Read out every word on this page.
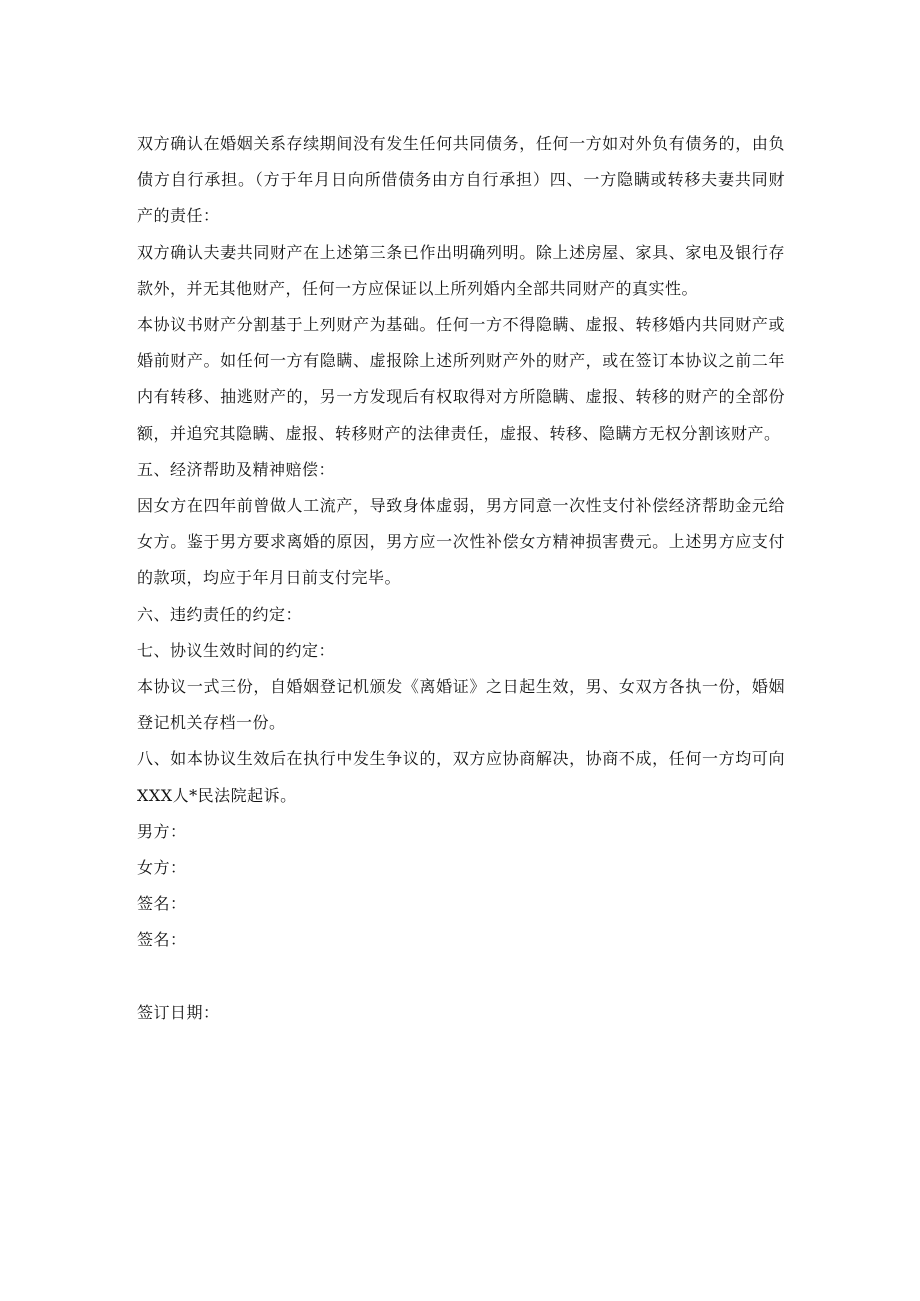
双方确认在婚姻关系存续期间没有发生任何共同债务，任何一方如对外负有债务的，由负债方自行承担。（方于年月日向所借债务由方自行承担）四、一方隐瞒或转移夫妻共同财产的责任：

双方确认夫妻共同财产在上述第三条已作出明确列明。除上述房屋、家具、家电及银行存款外，并无其他财产，任何一方应保证以上所列婚内全部共同财产的真实性。

本协议书财产分割基于上列财产为基础。任何一方不得隐瞒、虚报、转移婚内共同财产或婚前财产。如任何一方有隐瞒、虚报除上述所列财产外的财产，或在签订本协议之前二年内有转移、抽逃财产的，另一方发现后有权取得对方所隐瞒、虚报、转移的财产的全部份额，并追究其隐瞒、虚报、转移财产的法律责任，虚报、转移、隐瞒方无权分割该财产。

五、经济帮助及精神赔偿：

因女方在四年前曾做人工流产，导致身体虚弱，男方同意一次性支付补偿经济帮助金元给女方。鉴于男方要求离婚的原因，男方应一次性补偿女方精神损害费元。上述男方应支付的款项，均应于年月日前支付完毕。

六、违约责任的约定：

七、协议生效时间的约定：

本协议一式三份，自婚姻登记机颁发《离婚证》之日起生效，男、女双方各执一份，婚姻登记机关存档一份。

八、如本协议生效后在执行中发生争议的，双方应协商解决，协商不成，任何一方均可向XXX人*民法院起诉。

男方：

女方：

签名：

签名：

签订日期：
